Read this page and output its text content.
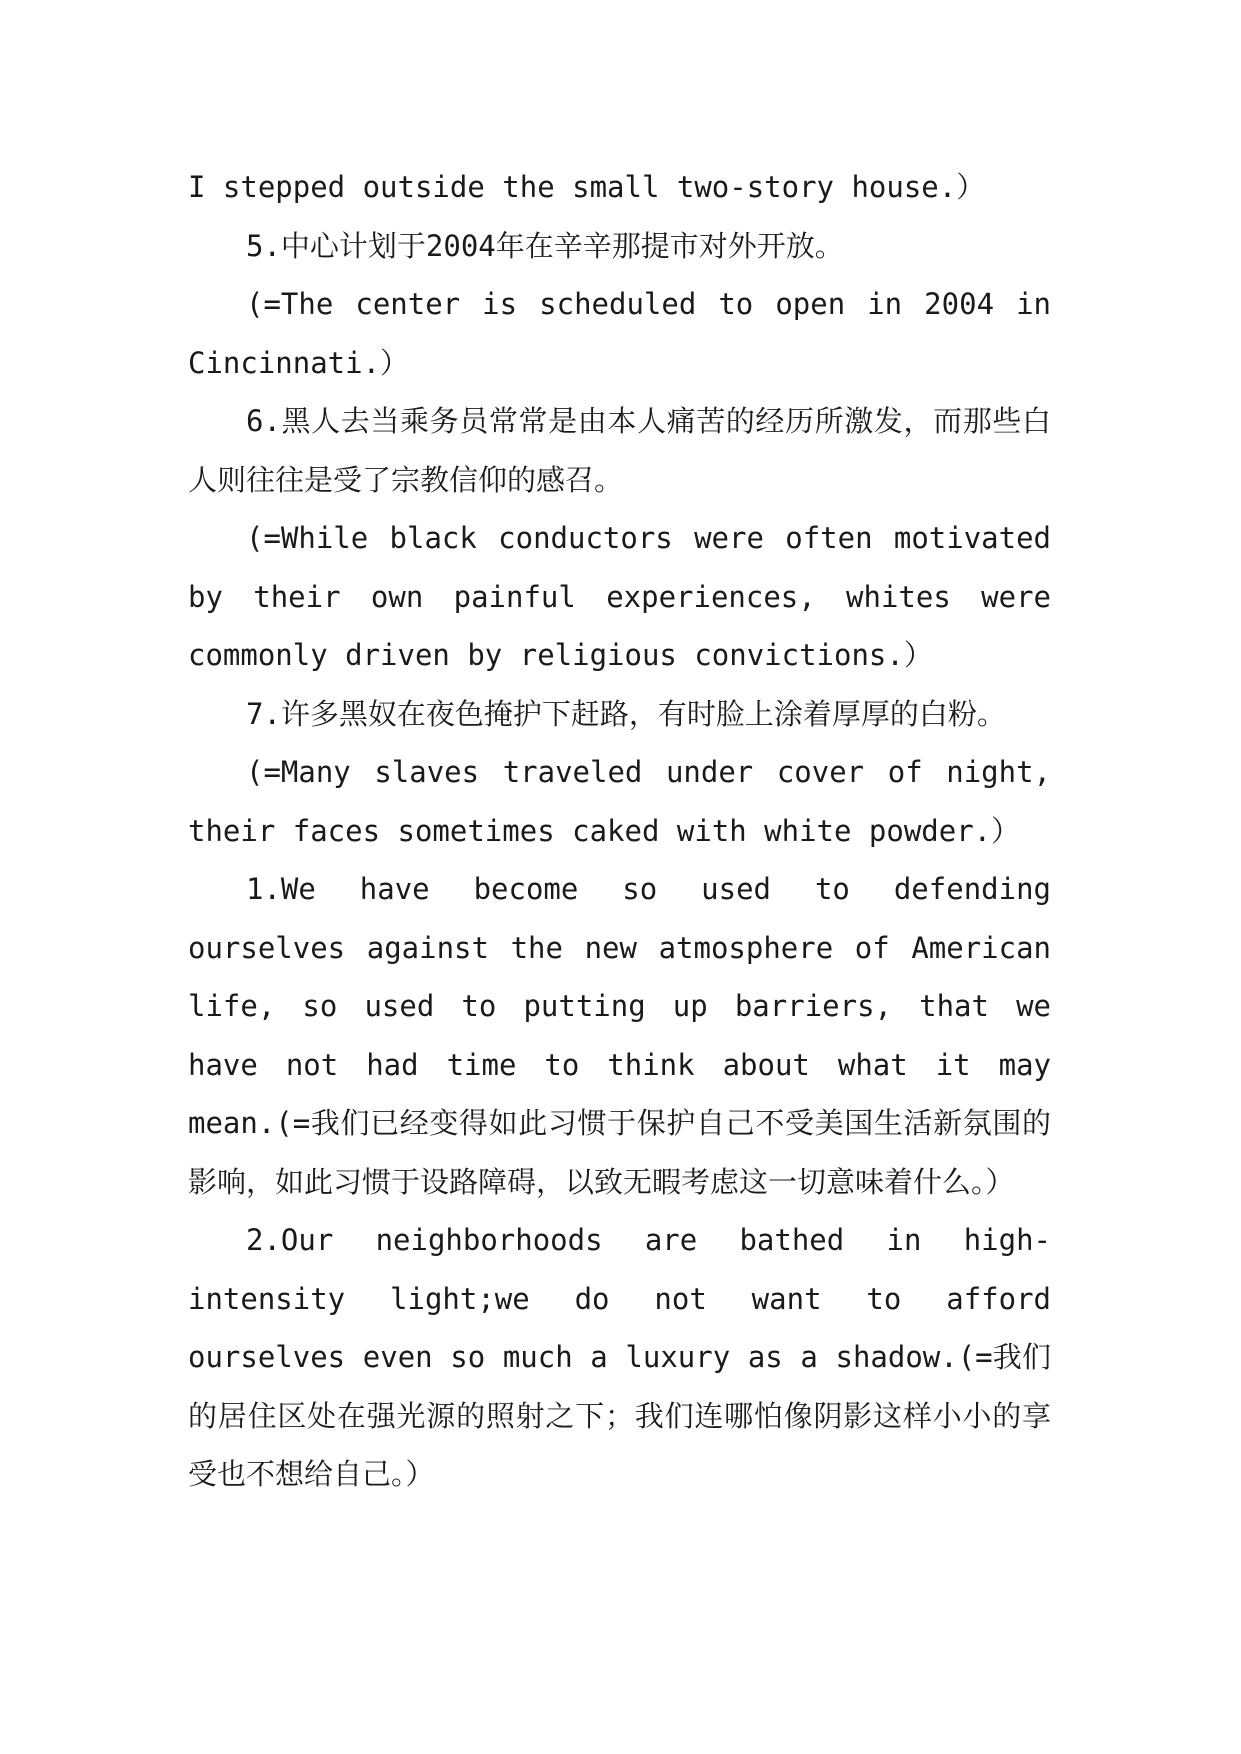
I stepped outside the small two-story house.）

5.中心计划于2004年在辛辛那提市对外开放。

(=The center is scheduled to open in 2004 in Cincinnati.）

6.黑人去当乘务员常常是由本人痛苦的经历所激发，而那些白人则往往是受了宗教信仰的感召。

(=While black conductors were often motivated by their own painful experiences, whites were commonly driven by religious convictions.）

7.许多黑奴在夜色掩护下赶路，有时脸上涂着厚厚的白粉。

(=Many slaves traveled under cover of night, their faces sometimes caked with white powder.）

1.We have become so used to defending ourselves against the new atmosphere of American life, so used to putting up barriers, that we have not had time to think about what it may mean.(=我们已经变得如此习惯于保护自己不受美国生活新氛围的影响，如此习惯于设路障碍，以致无暇考虑这一切意味着什么。）

2.Our neighborhoods are bathed in high-intensity light;we do not want to afford ourselves even so much a luxury as a shadow.(=我们的居住区处在强光源的照射之下；我们连哪怕像阴影这样小小的享受也不想给自己。）
